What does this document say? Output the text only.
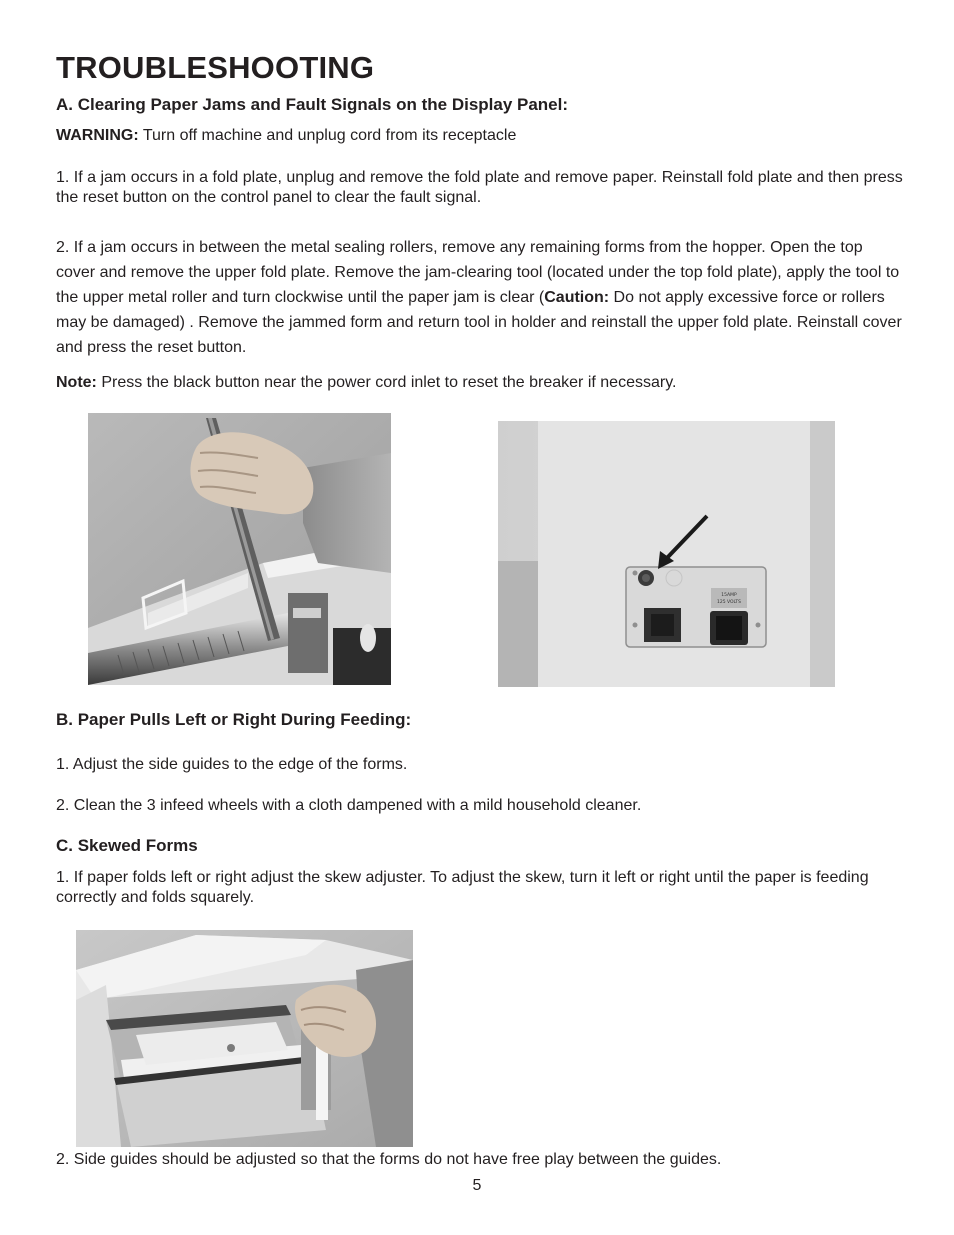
TROUBLESHOOTING
A. Clearing Paper Jams and Fault Signals on the Display Panel:
WARNING: Turn off machine and unplug cord from its receptacle
1. If a jam occurs in a fold plate, unplug and remove the fold plate and remove paper. Reinstall fold plate and then press the reset button on the control panel to clear the fault signal.
2. If a jam occurs in between the metal sealing rollers, remove any remaining forms from the hopper. Open the top cover and remove the upper fold plate. Remove the jam-clearing tool (located under the top fold plate), apply the tool to the upper metal roller and turn clockwise until the paper jam is clear (Caution: Do not apply excessive force or rollers may be damaged) . Remove the jammed form and return tool in holder and reinstall the upper fold plate. Reinstall cover and press the reset button.
Note: Press the black button near the power cord inlet to reset the breaker if necessary.
15AMP
125 VOLTS
B. Paper Pulls Left or Right During Feeding:
1. Adjust the side guides to the edge of the forms.
2. Clean the 3 infeed wheels with a cloth dampened with a mild household cleaner.
C. Skewed Forms
1. If paper folds left or right adjust the skew adjuster. To adjust the skew, turn it left or right until the paper is feeding correctly and folds squarely.
2. Side guides should be adjusted so that the forms do not have free play between the guides.
5
